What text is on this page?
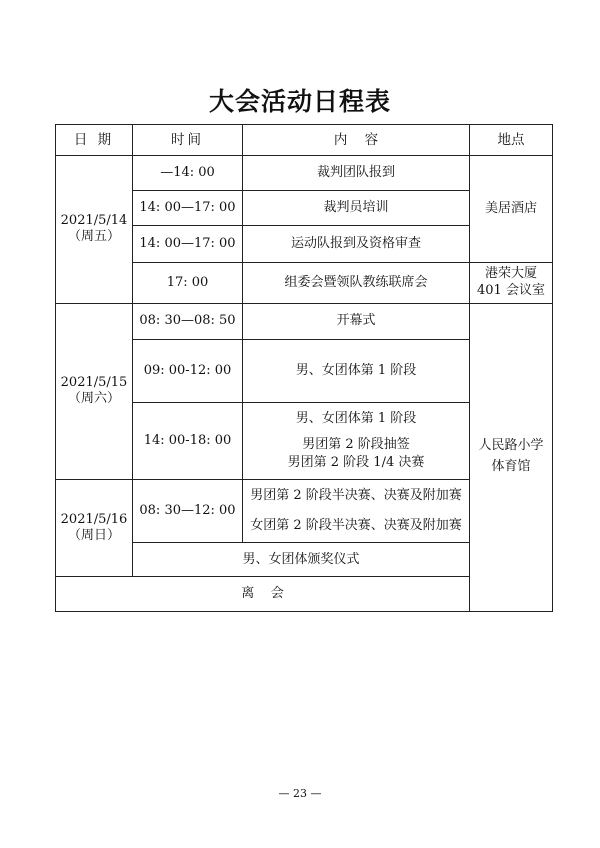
大会活动日程表
日 期	时间	内    容	地点

2021/5/14
（周五）	—14: 00	裁判团队报到	美居酒店
	14: 00—17: 00	裁判员培训	
	14: 00—17: 00	运动队报到及资格审查	
	17: 00	组委会暨领队教练联席会	港荣大厦
401 会议室

2021/5/15
（周六）	08: 30—08: 50	开幕式	人民路小学
体育馆

	09: 00-12: 00	男、女团体第 1 阶段	
	14: 00-18: 00	男、女团体第 1 阶段
男团第 2 阶段抽签
男团第 2 阶段 1/4 决赛	

2021/5/16
（周日）	08: 30—12: 00	男团第 2 阶段半决赛、决赛及附加赛
女团第 2 阶段半决赛、决赛及附加赛	

	男、女团体颁奖仪式		
离    会			
— 23 —
